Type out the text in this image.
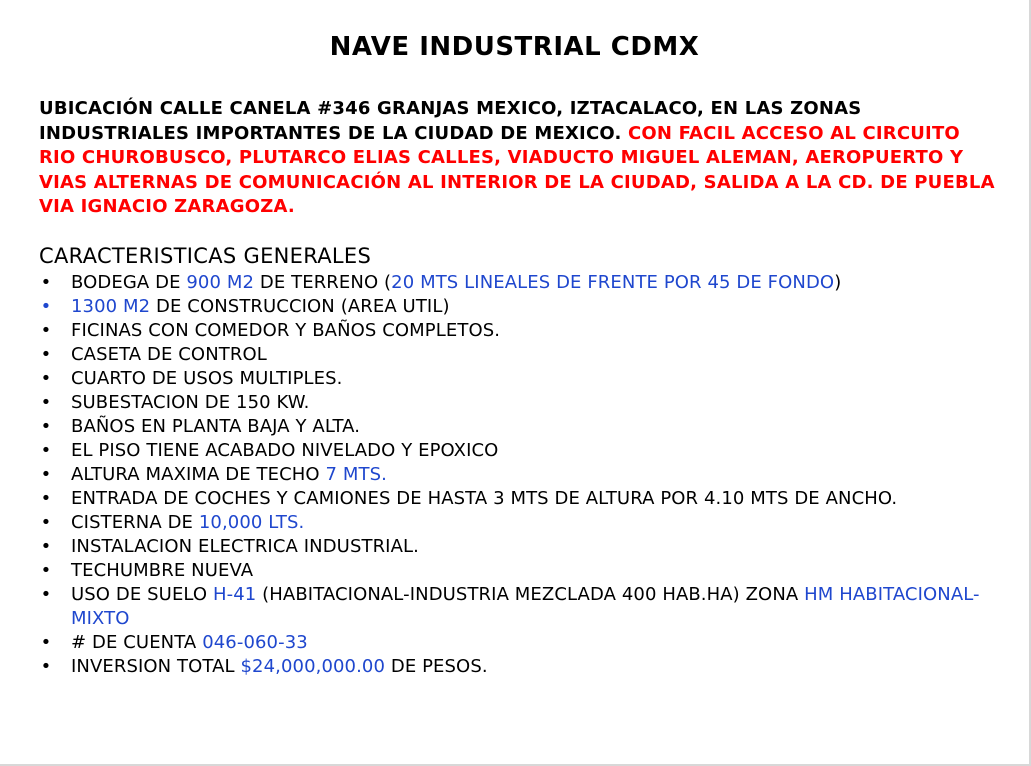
NAVE INDUSTRIAL CDMX
UBICACIÓN CALLE CANELA #346 GRANJAS MEXICO, IZTACALACO, EN LAS ZONAS INDUSTRIALES IMPORTANTES DE LA CIUDAD DE MEXICO. CON FACIL ACCESO AL CIRCUITO RIO CHUROBUSCO, PLUTARCO ELIAS CALLES, VIADUCTO MIGUEL ALEMAN, AEROPUERTO Y VIAS ALTERNAS DE COMUNICACIÓN AL INTERIOR DE LA CIUDAD, SALIDA A LA CD. DE PUEBLA VIA IGNACIO ZARAGOZA.
CARACTERISTICAS GENERALES
• BODEGA DE 900 M2 DE TERRENO (20 MTS LINEALES DE FRENTE POR 45 DE FONDO)
• 1300 M2 DE CONSTRUCCION (AREA UTIL)
• FICINAS CON COMEDOR Y BAÑOS COMPLETOS.
• CASETA DE CONTROL
• CUARTO DE USOS MULTIPLES.
• SUBESTACION DE 150 KW.
• BAÑOS EN PLANTA BAJA Y ALTA.
• EL PISO TIENE ACABADO NIVELADO Y EPOXICO
• ALTURA MAXIMA DE TECHO 7 MTS.
• ENTRADA DE COCHES Y CAMIONES DE HASTA 3 MTS DE ALTURA POR 4.10 MTS DE ANCHO.
• CISTERNA DE 10,000 LTS.
• INSTALACION ELECTRICA INDUSTRIAL.
• TECHUMBRE NUEVA
• USO DE SUELO H-41 (HABITACIONAL-INDUSTRIA MEZCLADA 400 HAB.HA) ZONA HM HABITACIONAL-MIXTO
• # DE CUENTA 046-060-33
• INVERSION TOTAL $24,000,000.00 DE PESOS.
